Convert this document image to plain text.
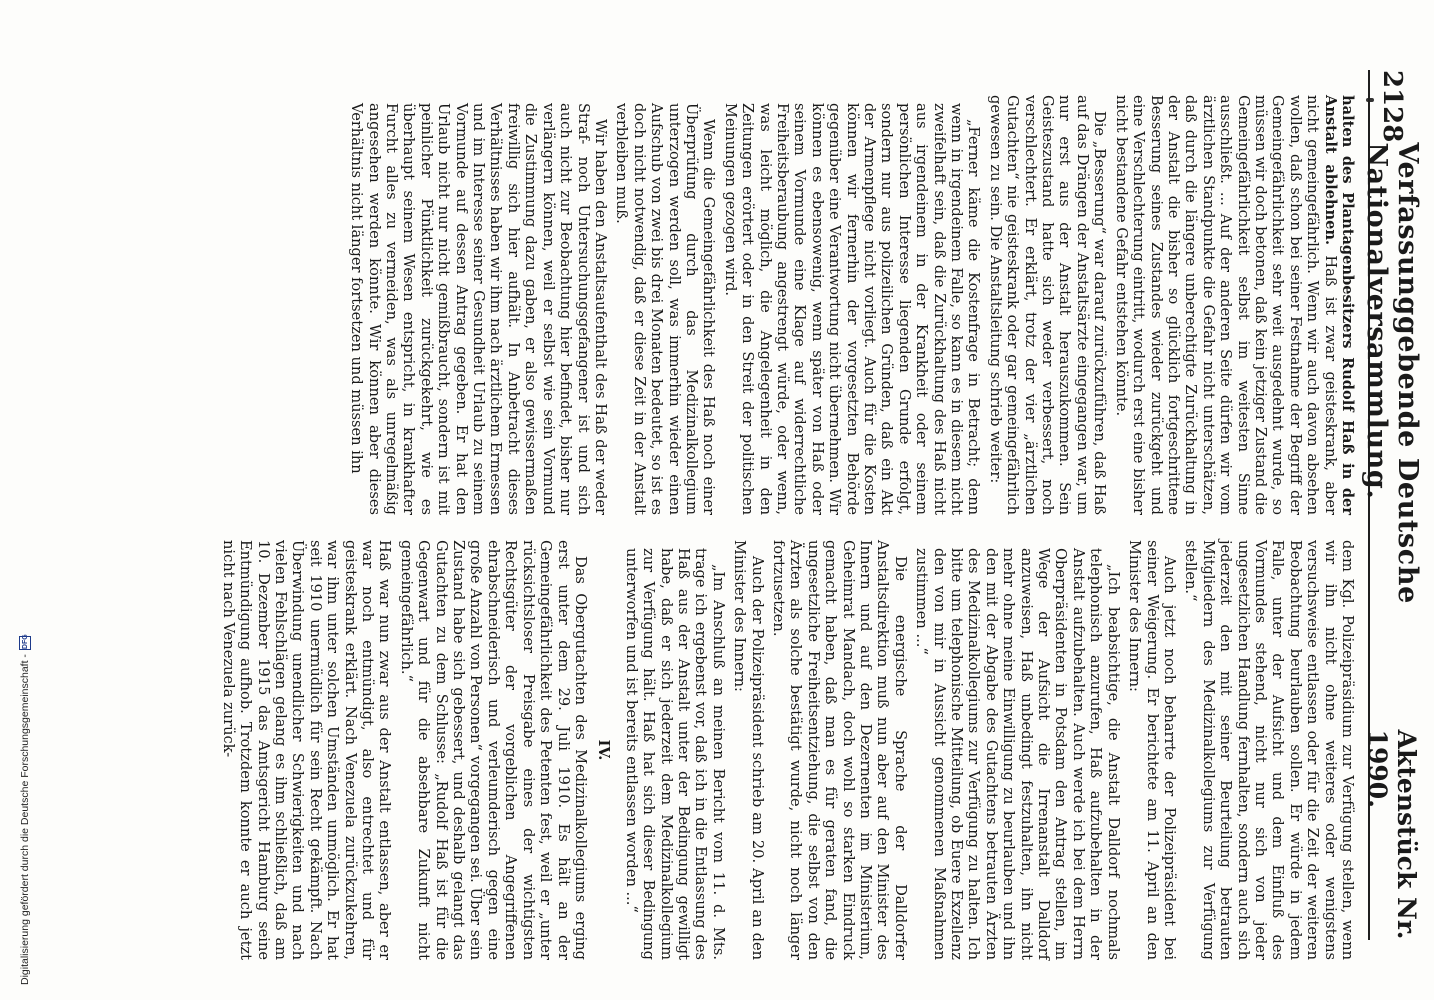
2128
Verfassunggebende Deutsche Nationalversammlung.
Aktenstück Nr. 1990.

halten des Plantagenbesitzers Rudolf Haß in der Anstalt ablehnen. Haß ist zwar geisteskrank, aber nicht gemeingefährlich. Wenn wir auch davon absehen wollen, daß schon bei seiner Festnahme der Begriff der Gemeingefährlichkeit sehr weit ausgedehnt wurde, so müssen wir doch betonen, daß kein jetziger Zustand die Gemeingefährlichkeit selbst im weitesten Sinne ausschließt. ... Auf der anderen Seite dürfen wir vom ärztlichen Standpunkte die Gefahr nicht unterschätzen, daß durch die längere unberechtigte Zurückhaltung in der Anstalt die bisher so glücklich fortgeschrittene Besserung seines Zustandes wieder zurückgeht und eine Verschlechterung eintritt, wodurch erst eine bisher nicht bestandene Gefahr entstehen könnte.

Die „Besserung“ war darauf zurückzuführen, daß Haß auf das Drängen der Anstaltsärzte eingegangen war, um nur erst aus der Anstalt herauszukommen. Sein Geisteszustand hatte sich weder verbessert, noch verschlechtert. Er erklärt, trotz der vier „ärztlichen Gutachten“ nie geisteskrank oder gar gemeingefährlich gewesen zu sein. Die Anstaltsleitung schrieb weiter:

„Ferner käme die Kostenfrage in Betracht; denn wenn in irgendeinem Falle, so kann es in diesem nicht zweifelhaft sein, daß die Zurückhaltung des Haß nicht aus irgendeinem in der Krankheit oder seinem persönlichen Interesse liegenden Grunde erfolgt, sondern nur aus polizeilichen Gründen, daß ein Akt der Armenpflege nicht vorliegt. Auch für die Kosten können wir fernerhin der vorgesetzten Behörde gegenüber eine Verantwortung nicht übernehmen. Wir können es ebensowenig, wenn später von Haß oder seinem Vormunde eine Klage auf widerrechtliche Freiheitsberaubung angestrengt würde, oder wenn, was leicht möglich, die Angelegenheit in den Zeitungen erörtert oder in den Streit der politischen Meinungen gezogen wird.

Wenn die Gemeingefährlichkeit des Haß noch einer Überprüfung durch das Medizinalkollegium unterzogen werden soll, was immerhin wieder einen Aufschub von zwei bis drei Monaten bedeutet, so ist es doch nicht notwendig, daß er diese Zeit in der Anstalt verbleiben muß.

Wir haben den Anstaltsaufenthalt des Haß der weder Straf- noch Untersuchungsgefangener ist und sich auch nicht zur Beobachtung hier befindet, bisher nur verlängern können, weil er selbst wie sein Vormund die Zustimmung dazu gaben, er also gewissermaßen freiwillig sich hier aufhält. In Anbetracht dieses Verhältnisses haben wir ihm nach ärztlichem Ermessen und im Interesse seiner Gesundheit Urlaub zu seinem Vormunde auf dessen Antrag gegeben. Er hat den Urlaub nicht nur nicht gemißbraucht, sondern ist mit peinlicher Pünktlichkeit zurückgekehrt, wie es überhaupt seinem Wesen entspricht, in krankhafter Furcht alles zu vermeiden, was als unregelmäßig angesehen werden könnte. Wir können aber dieses Verhältnis nicht länger fortsetzen und müssen ihn

dem Kgl. Polizeipräsidium zur Verfügung stellen, wenn wir ihn nicht ohne weiteres oder wenigstens versuchsweise entlassen oder für die Zeit der weiteren Beobachtung beurlauben sollen. Er würde in jedem Falle, unter der Aufsicht und dem Einfluß des Vormundes stehend, nicht nur sich von jeder ungesetzlichen Handlung fernhalten, sondern auch sich jederzeit den mit seiner Beurteilung betrauten Mitgliedern des Medizinalkollegiums zur Verfügung stellen.“

Auch jetzt noch beharrte der Polizeipräsident bei seiner Weigerung. Er berichtete am 11. April an den Minister des Innern:

„Ich beabsichtige, die Anstalt Dalldorf nochmals telephonisch anzurufen, Haß aufzubehalten in der Anstalt aufzubehalten. Auch werde ich bei dem Herrn Oberpräsidenten in Potsdam den Antrag stellen, im Wege der Aufsicht die Irrenanstalt Dalldorf anzuweisen, Haß unbedingt festzuhalten, ihn nicht mehr ohne meine Einwilligung zu beurlauben und ihn den mit der Abgabe des Gutachtens betrauten Ärzten des Medizinalkollegiums zur Verfügung zu halten. Ich bitte um telephonische Mitteilung, ob Euere Exzellenz den von mir in Aussicht genommenen Maßnahmen zustimmen ...“

Die energische Sprache der Dalldorfer Anstaltsdirektion muß nun aber auf den Minister des Innern und auf den Dezernenten im Ministerium, Geheimrat Mandach, doch wohl so starken Eindruck gemacht haben, daß man es für geraten fand, die ungesetzliche Freiheitsentziehung, die selbst von den Ärzten als solche bestätigt wurde, nicht noch länger fortzusetzen.

Auch der Polizeipräsident schrieb am 20. April an den Minister des Innern:

„Im Anschluß an meinen Bericht vom 11. d. Mts. trage ich ergebenst vor, daß ich in die Entlassung des Haß aus der Anstalt unter der Bedingung gewilligt habe, daß er sich jederzeit dem Medizinalkollegium zur Verfügung hält. Haß hat sich dieser Bedingung unterworfen und ist bereits entlassen worden ...“

IV.

Das Obergutachten des Medizinalkollegiums erging erst unter dem 29. Juli 1910. Es hält an der Gemeingefährlichkeit des Petenten fest, weil er „unter rücksichtsloser Preisgabe eines der wichtigsten Rechtsgüter der vorgeblichen Angegriffenen ehrabschneiderisch und verleumderisch gegen eine große Anzahl von Personen“ vorgegangen sei. Über sein Zustand habe sich gebessert, und deshalb gelangt das Gutachten zu dem Schlusse: „Rudolf Haß ist für die Gegenwart und für die absehbare Zukunft nicht gemeingefährlich.“

Haß war nun zwar aus der Anstalt entlassen, aber er war noch entmündigt, also entrechtet und für geisteskrank erklärt. Nach Venezuela zurückzukehren, war ihm unter solchen Umständen unmöglich. Er hat seit 1910 unermüdlich für sein Recht gekämpft. Nach Überwindung unendlicher Schwierigkeiten und nach vielen Fehlschlägen gelang es ihm schließlich, daß am 10. Dezember 1915 das Amtsgericht Hamburg seine Entmündigung aufhob. Trotzdem konnte er auch jetzt nicht nach Venezuela zurück-

Digitalisierung gefördert durch die Deutsche Forschungsgemeinschaft -
DFG
